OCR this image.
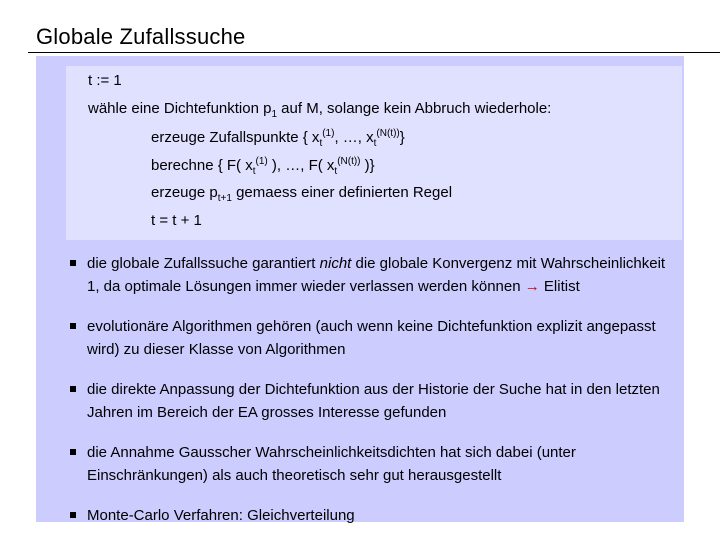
Globale Zufallssuche
t := 1
wähle eine Dichtefunktion $p_1$ auf M, solange kein Abbruch wiederhole:
erzeuge Zufallspunkte { $x_t^{(1)}$, …, $x_t^{(N(t))}$}
berechne { F( $x_t^{(1)}$ ), …, F( $x_t^{(N(t))}$ )}
erzeuge $p_{t+1}$ gemaess einer definierten Regel
t = t + 1
die globale Zufallssuche garantiert nicht die globale Konvergenz mit Wahrscheinlichkeit 1, da optimale Lösungen immer wieder verlassen werden können → Elitist
evolutionäre Algorithmen gehören (auch wenn keine Dichtefunktion explizit angepasst wird) zu dieser Klasse von Algorithmen
die direkte Anpassung der Dichtefunktion aus der Historie der Suche hat in den letzten Jahren im Bereich der EA grosses Interesse gefunden
die Annahme Gausscher Wahrscheinlichkeitsdichten hat sich dabei (unter Einschränkungen) als auch theoretisch sehr gut herausgestellt
Monte-Carlo Verfahren: Gleichverteilung
